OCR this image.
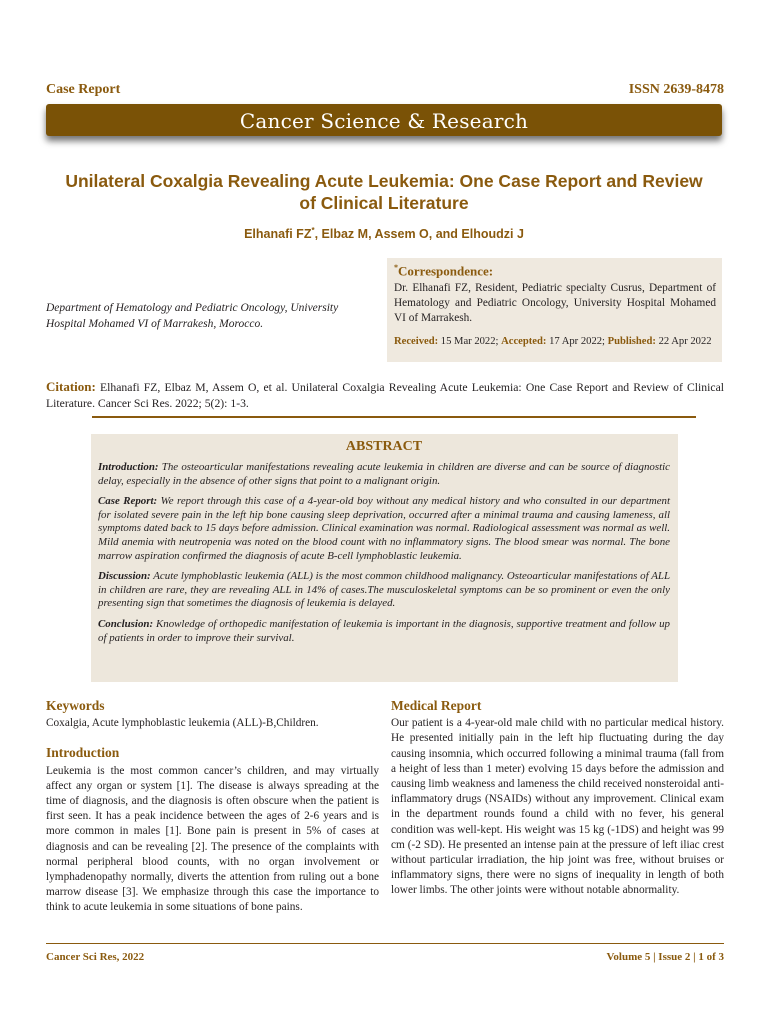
Case Report	ISSN 2639-8478
Cancer Science & Research
Unilateral Coxalgia Revealing Acute Leukemia: One Case Report and Review of Clinical Literature
Elhanafi FZ*, Elbaz M, Assem O, and Elhoudzi J
Department of Hematology and Pediatric Oncology, University Hospital Mohamed VI of Marrakesh, Morocco.
*Correspondence:
Dr. Elhanafi FZ, Resident, Pediatric specialty Cusrus, Department of Hematology and Pediatric Oncology, University Hospital Mohamed VI of Marrakesh.
Received: 15 Mar 2022; Accepted: 17 Apr 2022; Published: 22 Apr 2022
Citation: Elhanafi FZ, Elbaz M, Assem O, et al. Unilateral Coxalgia Revealing Acute Leukemia: One Case Report and Review of Clinical Literature. Cancer Sci Res. 2022; 5(2): 1-3.
ABSTRACT

Introduction: The osteoarticular manifestations revealing acute leukemia in children are diverse and can be source of diagnostic delay, especially in the absence of other signs that point to a malignant origin.

Case Report: We report through this case of a 4-year-old boy without any medical history and who consulted in our department for isolated severe pain in the left hip bone causing sleep deprivation, occurred after a minimal trauma and causing lameness, all symptoms dated back to 15 days before admission. Clinical examination was normal. Radiological assessment was normal as well. Mild anemia with neutropenia was noted on the blood count with no inflammatory signs. The blood smear was normal. The bone marrow aspiration confirmed the diagnosis of acute B-cell lymphoblastic leukemia.

Discussion: Acute lymphoblastic leukemia (ALL) is the most common childhood malignancy. Osteoarticular manifestations of ALL in children are rare, they are revealing ALL in 14% of cases.The musculoskeletal symptoms can be so prominent or even the only presenting sign that sometimes the diagnosis of leukemia is delayed.

Conclusion: Knowledge of orthopedic manifestation of leukemia is important in the diagnosis, supportive treatment and follow up of patients in order to improve their survival.

Keywords

Coxalgia, Acute lymphoblastic leukemia (ALL)-B,Children.

Introduction

Leukemia is the most common cancer’s children, and may virtually affect any organ or system [1]. The disease is always spreading at the time of diagnosis, and the diagnosis is often obscure when the patient is first seen. It has a peak incidence between the ages of 2-6 years and is more common in males [1]. Bone pain is present in 5% of cases at diagnosis and can be revealing [2]. The presence of the complaints with normal peripheral blood counts, with no organ involvement or lymphadenopathy normally, diverts the attention from ruling out a bone marrow disease [3]. We emphasize through this case the importance to think to acute leukemia in some situations of bone pains.

Medical Report

Our patient is a 4-year-old male child with no particular medical history. He presented initially pain in the left hip fluctuating during the day causing insomnia, which occurred following a minimal trauma (fall from a height of less than 1 meter) evolving 15 days before the admission and causing limb weakness and lameness the child received nonsteroidal anti-inflammatory drugs (NSAIDs) without any improvement. Clinical exam in the department rounds found a child with no fever, his general condition was well-kept. His weight was 15 kg (-1DS) and height was 99 cm (-2 SD). He presented an intense pain at the pressure of left iliac crest without particular irradiation, the hip joint was free, without bruises or inflammatory signs, there were no signs of inequality in length of both lower limbs. The other joints were without notable abnormality.

Cancer Sci Res, 2022	Volume 5 | Issue 2 | 1 of 3
